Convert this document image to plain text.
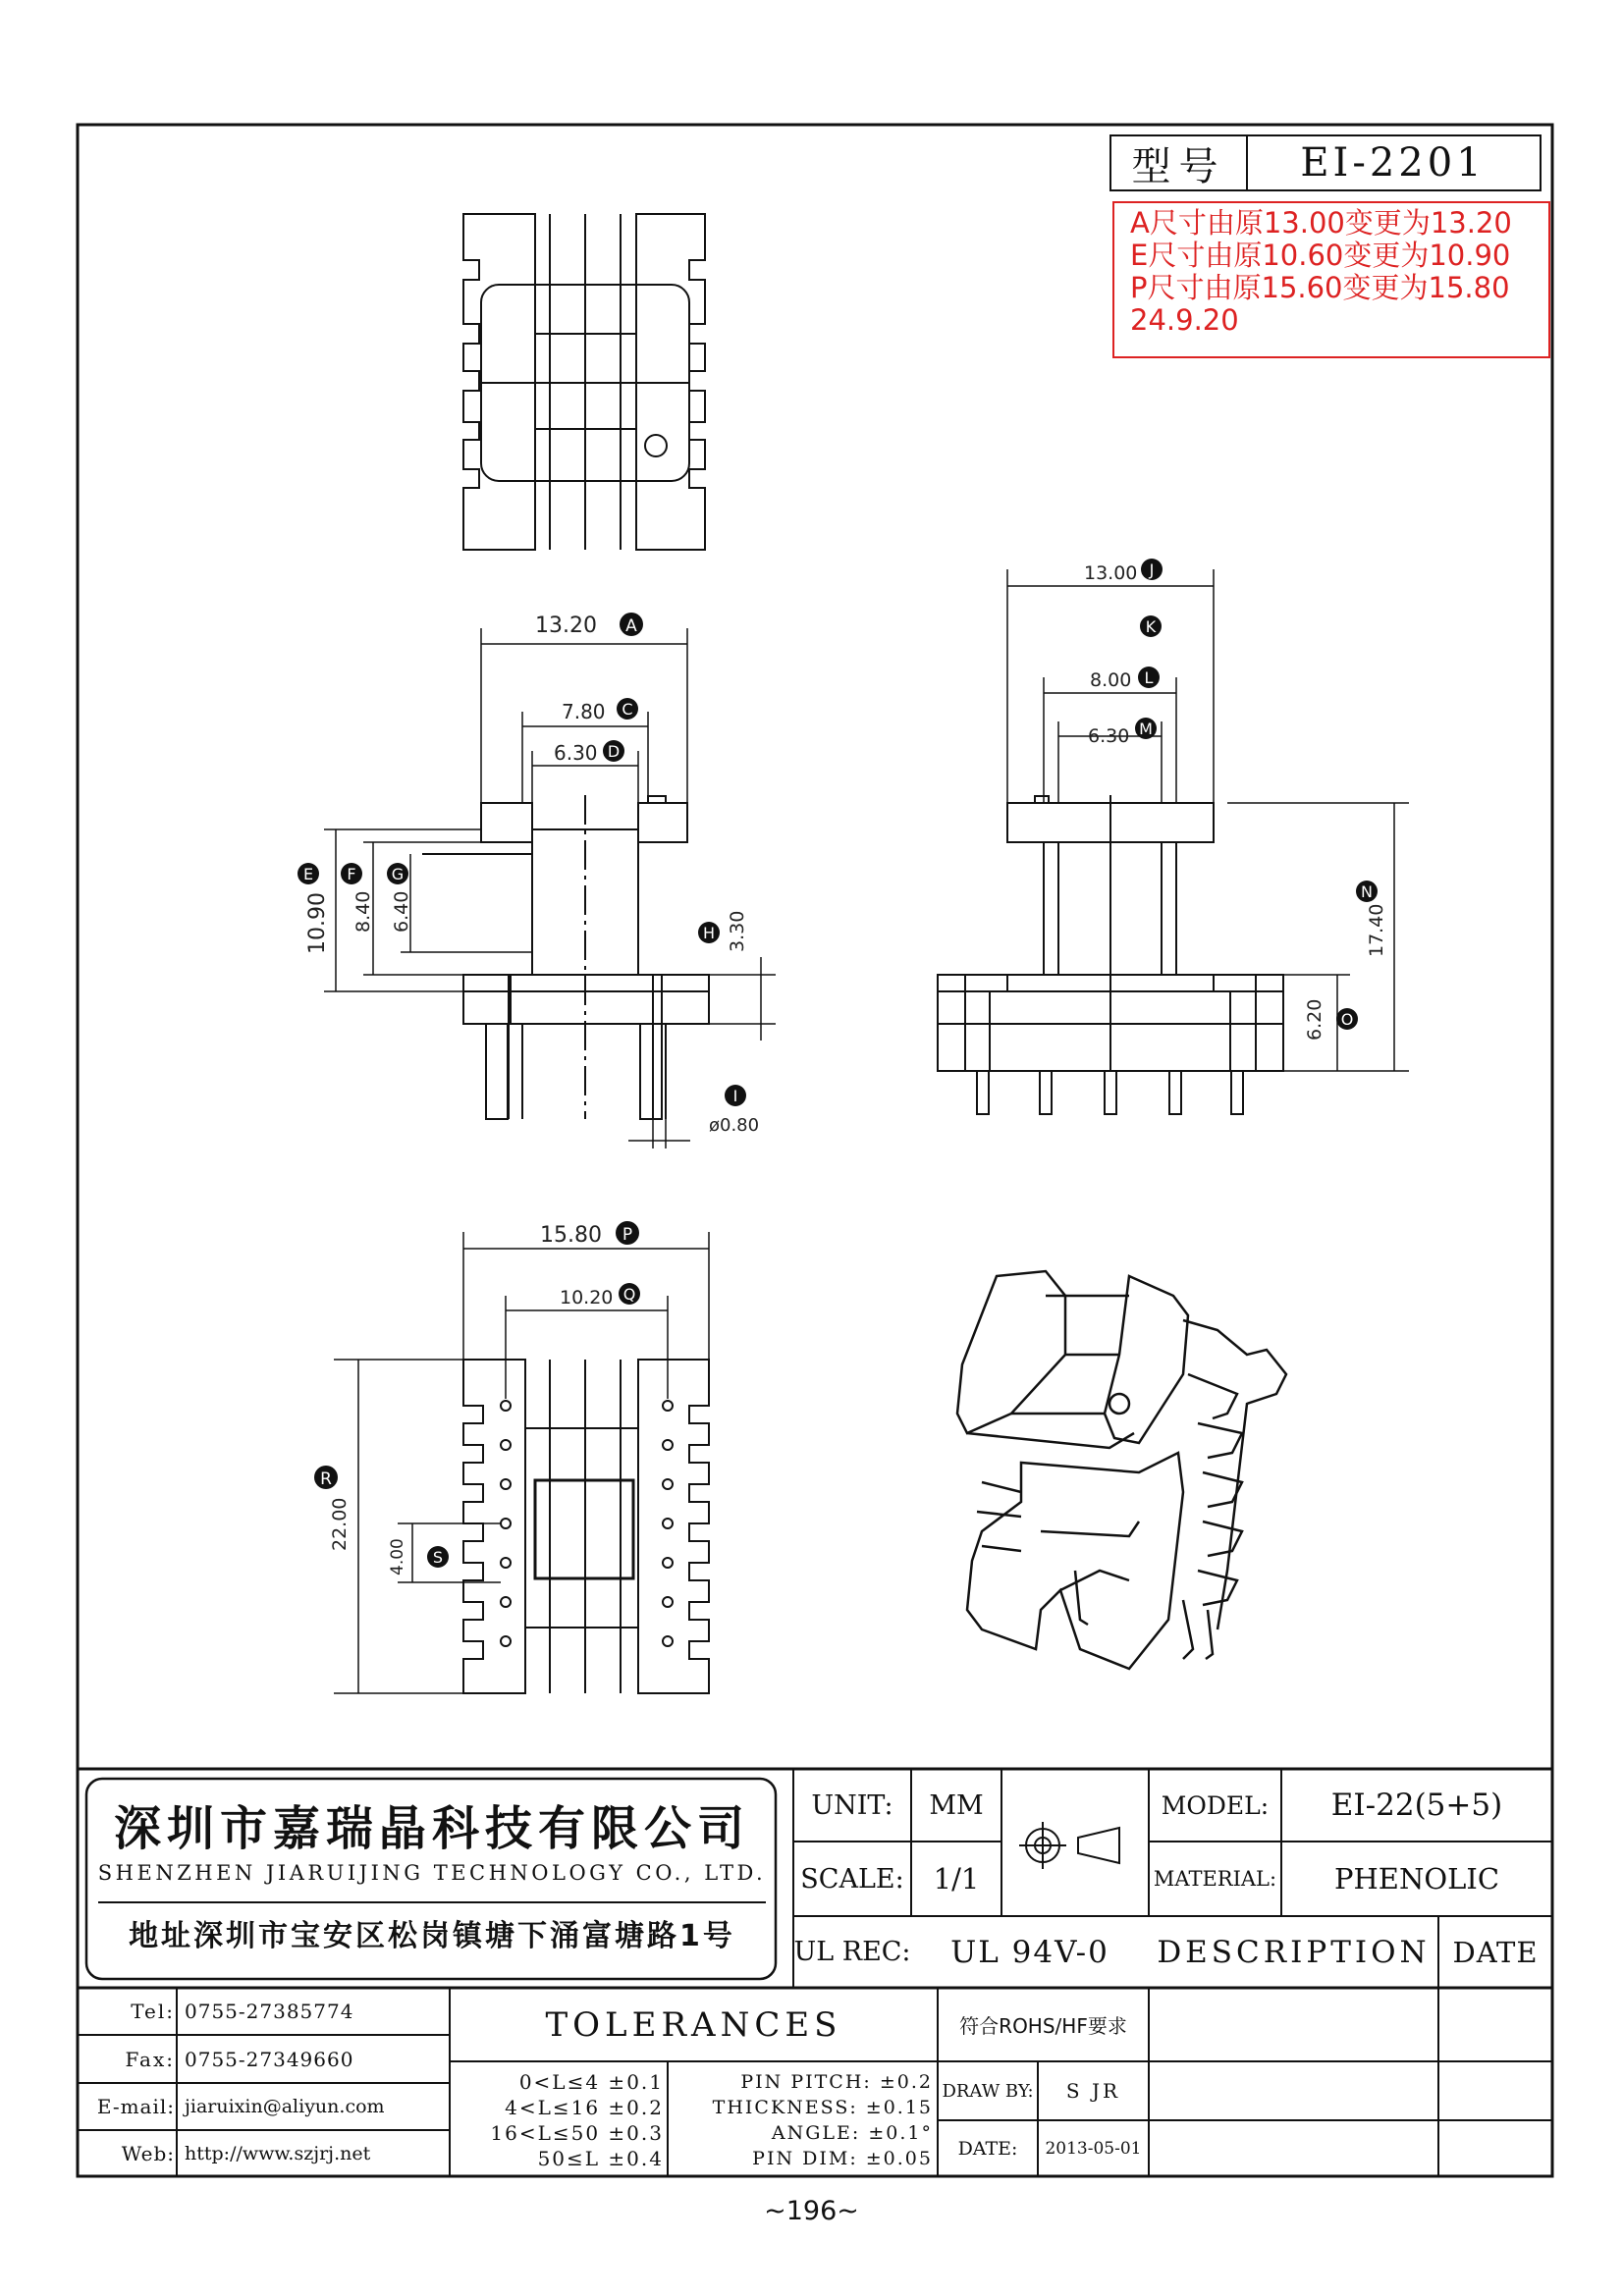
13.20 A
7.80 C
6.30 D
E
10.90
F
8.40
G
6.40
H 3.30
I
ø0.80
13.00 J
K
8.00 L
6.30 M
N
17.40
O
6.20
15.80 P
10.20 Q
R
22.00
S
4.00
型号	EI-2201
A尺寸由原13.00变更为13.20
E尺寸由原10.60变更为10.90
P尺寸由原15.60变更为15.80
24.9.20
深圳市嘉瑞晶科技有限公司
SHENZHEN JIARUIJING TECHNOLOGY CO., LTD.
地址深圳市宝安区松岗镇塘下涌富塘路1号
UNIT:	MM
SCALE:	1/1
MODEL:	EI-22(5+5)
MATERIAL:	PHENOLIC
UL REC:	UL 94V-0	DESCRIPTION DATE
Tel: 0755-27385774
Fax: 0755-27349660
E-mail: jiaruixin@aliyun.com
Web: http://www.szjrj.net
TOLERANCES
0<L≤4 ±0.1
4<L≤16 ±0.2
16<L≤50 ±0.3
50≤L ±0.4
PIN PITCH: ±0.2
THICKNESS: ±0.15
ANGLE: ±0.1°
PIN DIM: ±0.05
符合ROHS/HF要求
DRAW BY:	S JR
DATE:	2013-05-01
~196~
